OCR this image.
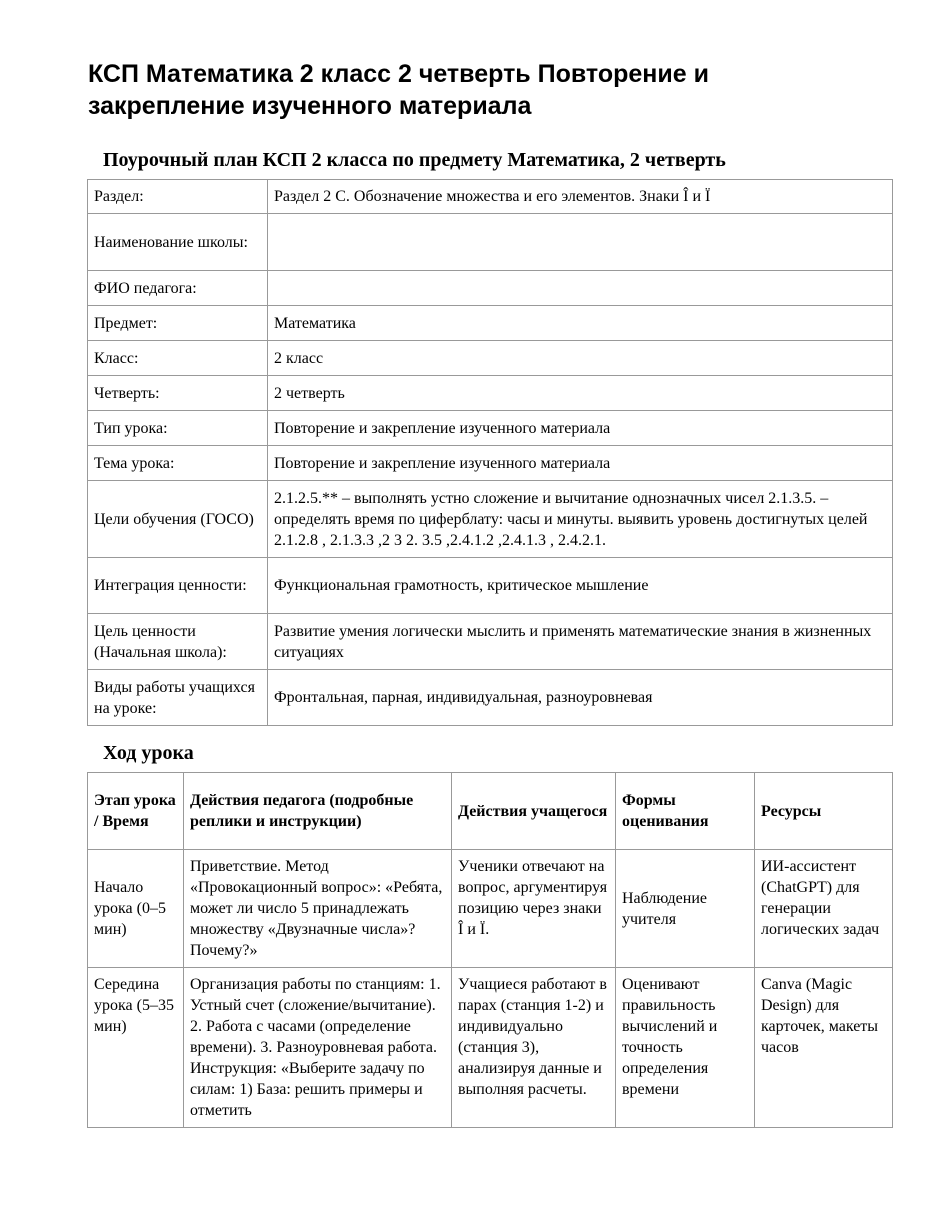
КСП Математика 2 класс 2 четверть Повторение и закрепление изученного материала
Поурочный план КСП 2 класса по предмету Математика, 2 четверть
Раздел:	Раздел 2 С. Обозначение множества и его элементов. Знаки Î и Ï
Наименование школы:	
ФИО педагога:	
Предмет:	Математика
Класс:	2 класс
Четверть:	2 четверть
Тип урока:	Повторение и закрепление изученного материала
Тема урока:	Повторение и закрепление изученного материала
Цели обучения (ГОСО)	2.1.2.5.** – выполнять устно сложение и вычитание однозначных чисел 2.1.3.5. – определять время по циферблату: часы и минуты. выявить уровень достигнутых целей 2.1.2.8 , 2.1.3.3 ,2 3 2. 3.5 ,2.4.1.2 ,2.4.1.3 , 2.4.2.1.
Интеграция ценности:	Функциональная грамотность, критическое мышление
Цель ценности (Начальная школа):	Развитие умения логически мыслить и применять математические знания в жизненных ситуациях
Виды работы учащихся на уроке:	Фронтальная, парная, индивидуальная, разноуровневая
Ход урока
Этап урока / Время	Действия педагога (подробные реплики и инструкции)	Действия учащегося	Формы оценивания	Ресурсы
Начало урока (0–5 мин)	Приветствие. Метод «Провокационный вопрос»: «Ребята, может ли число 5 принадлежать множеству «Двузначные числа»? Почему?»	Ученики отвечают на вопрос, аргументируя позицию через знаки Î и Ï.	Наблюдение учителя	ИИ-ассистент (ChatGPT) для генерации логических задач
Середина урока (5–35 мин)	Организация работы по станциям: 1. Устный счет (сложение/вычитание). 2. Работа с часами (определение времени). 3. Разноуровневая работа. Инструкция: «Выберите задачу по силам: 1) База: решить примеры и отметить	Учащиеся работают в парах (станция 1-2) и индивидуально (станция 3), анализируя данные и выполняя расчеты.	Оценивают правильность вычислений и точность определения времени	Canva (Magic Design) для карточек, макеты часов
